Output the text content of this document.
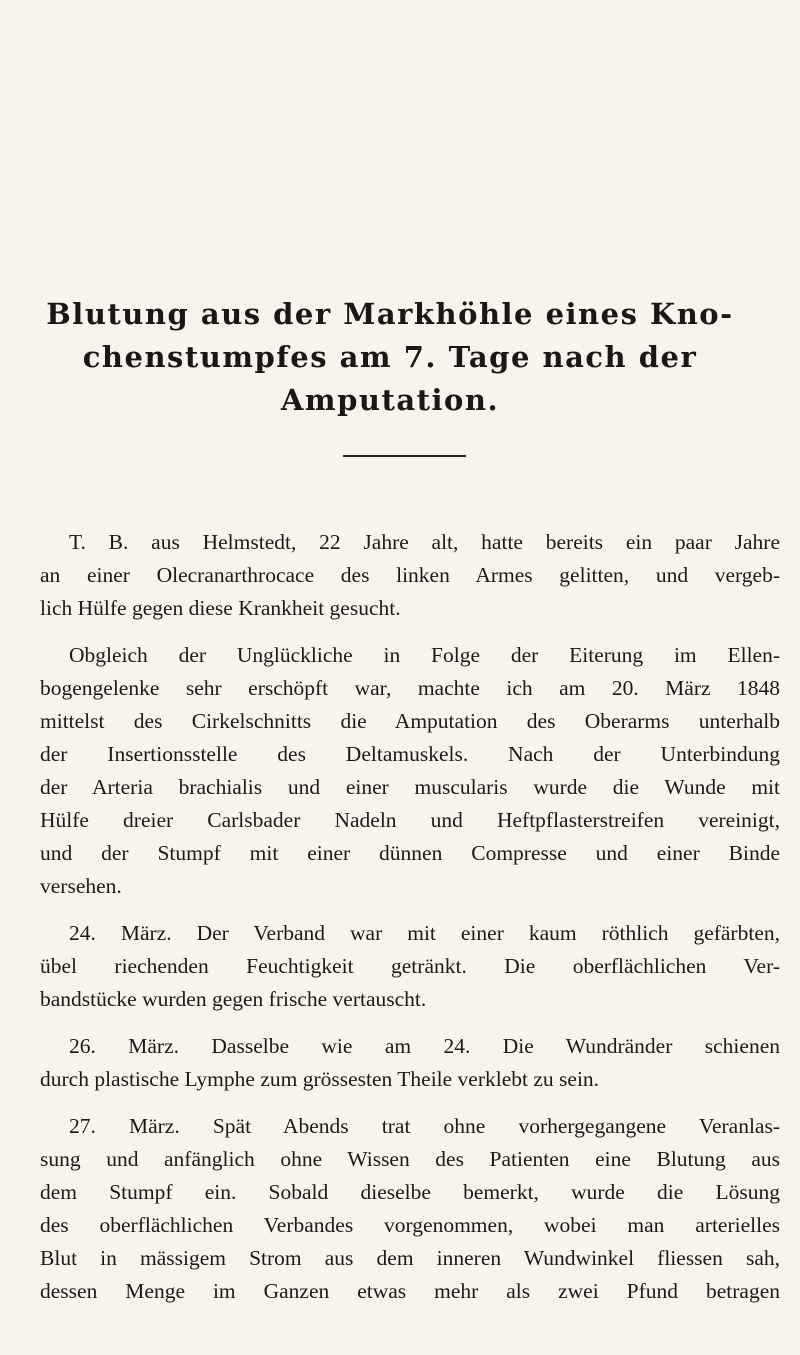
Blutung aus der Markhöhle eines Kno-
chenstumpfes am 7. Tage nach der
Amputation.
T. B. aus Helmstedt, 22 Jahre alt, hatte bereits ein paar Jahre
an einer Olecranarthrocace des linken Armes gelitten, und vergeb-
lich Hülfe gegen diese Krankheit gesucht.
Obgleich der Unglückliche in Folge der Eiterung im Ellen-
bogengelenke sehr erschöpft war, machte ich am 20. März 1848
mittelst des Cirkelschnitts die Amputation des Oberarms unterhalb
der Insertionsstelle des Deltamuskels. Nach der Unterbindung
der Arteria brachialis und einer muscularis wurde die Wunde mit
Hülfe dreier Carlsbader Nadeln und Heftpflasterstreifen vereinigt,
und der Stumpf mit einer dünnen Compresse und einer Binde
versehen.
24. März. Der Verband war mit einer kaum röthlich gefärbten,
übel riechenden Feuchtigkeit getränkt. Die oberflächlichen Ver-
bandstücke wurden gegen frische vertauscht.
26. März. Dasselbe wie am 24. Die Wundränder schienen
durch plastische Lymphe zum grössesten Theile verklebt zu sein.
27. März. Spät Abends trat ohne vorhergegangene Veranlas-
sung und anfänglich ohne Wissen des Patienten eine Blutung aus
dem Stumpf ein. Sobald dieselbe bemerkt, wurde die Lösung
des oberflächlichen Verbandes vorgenommen, wobei man arterielles
Blut in mässigem Strom aus dem inneren Wundwinkel fliessen sah,
dessen Menge im Ganzen etwas mehr als zwei Pfund betragen
